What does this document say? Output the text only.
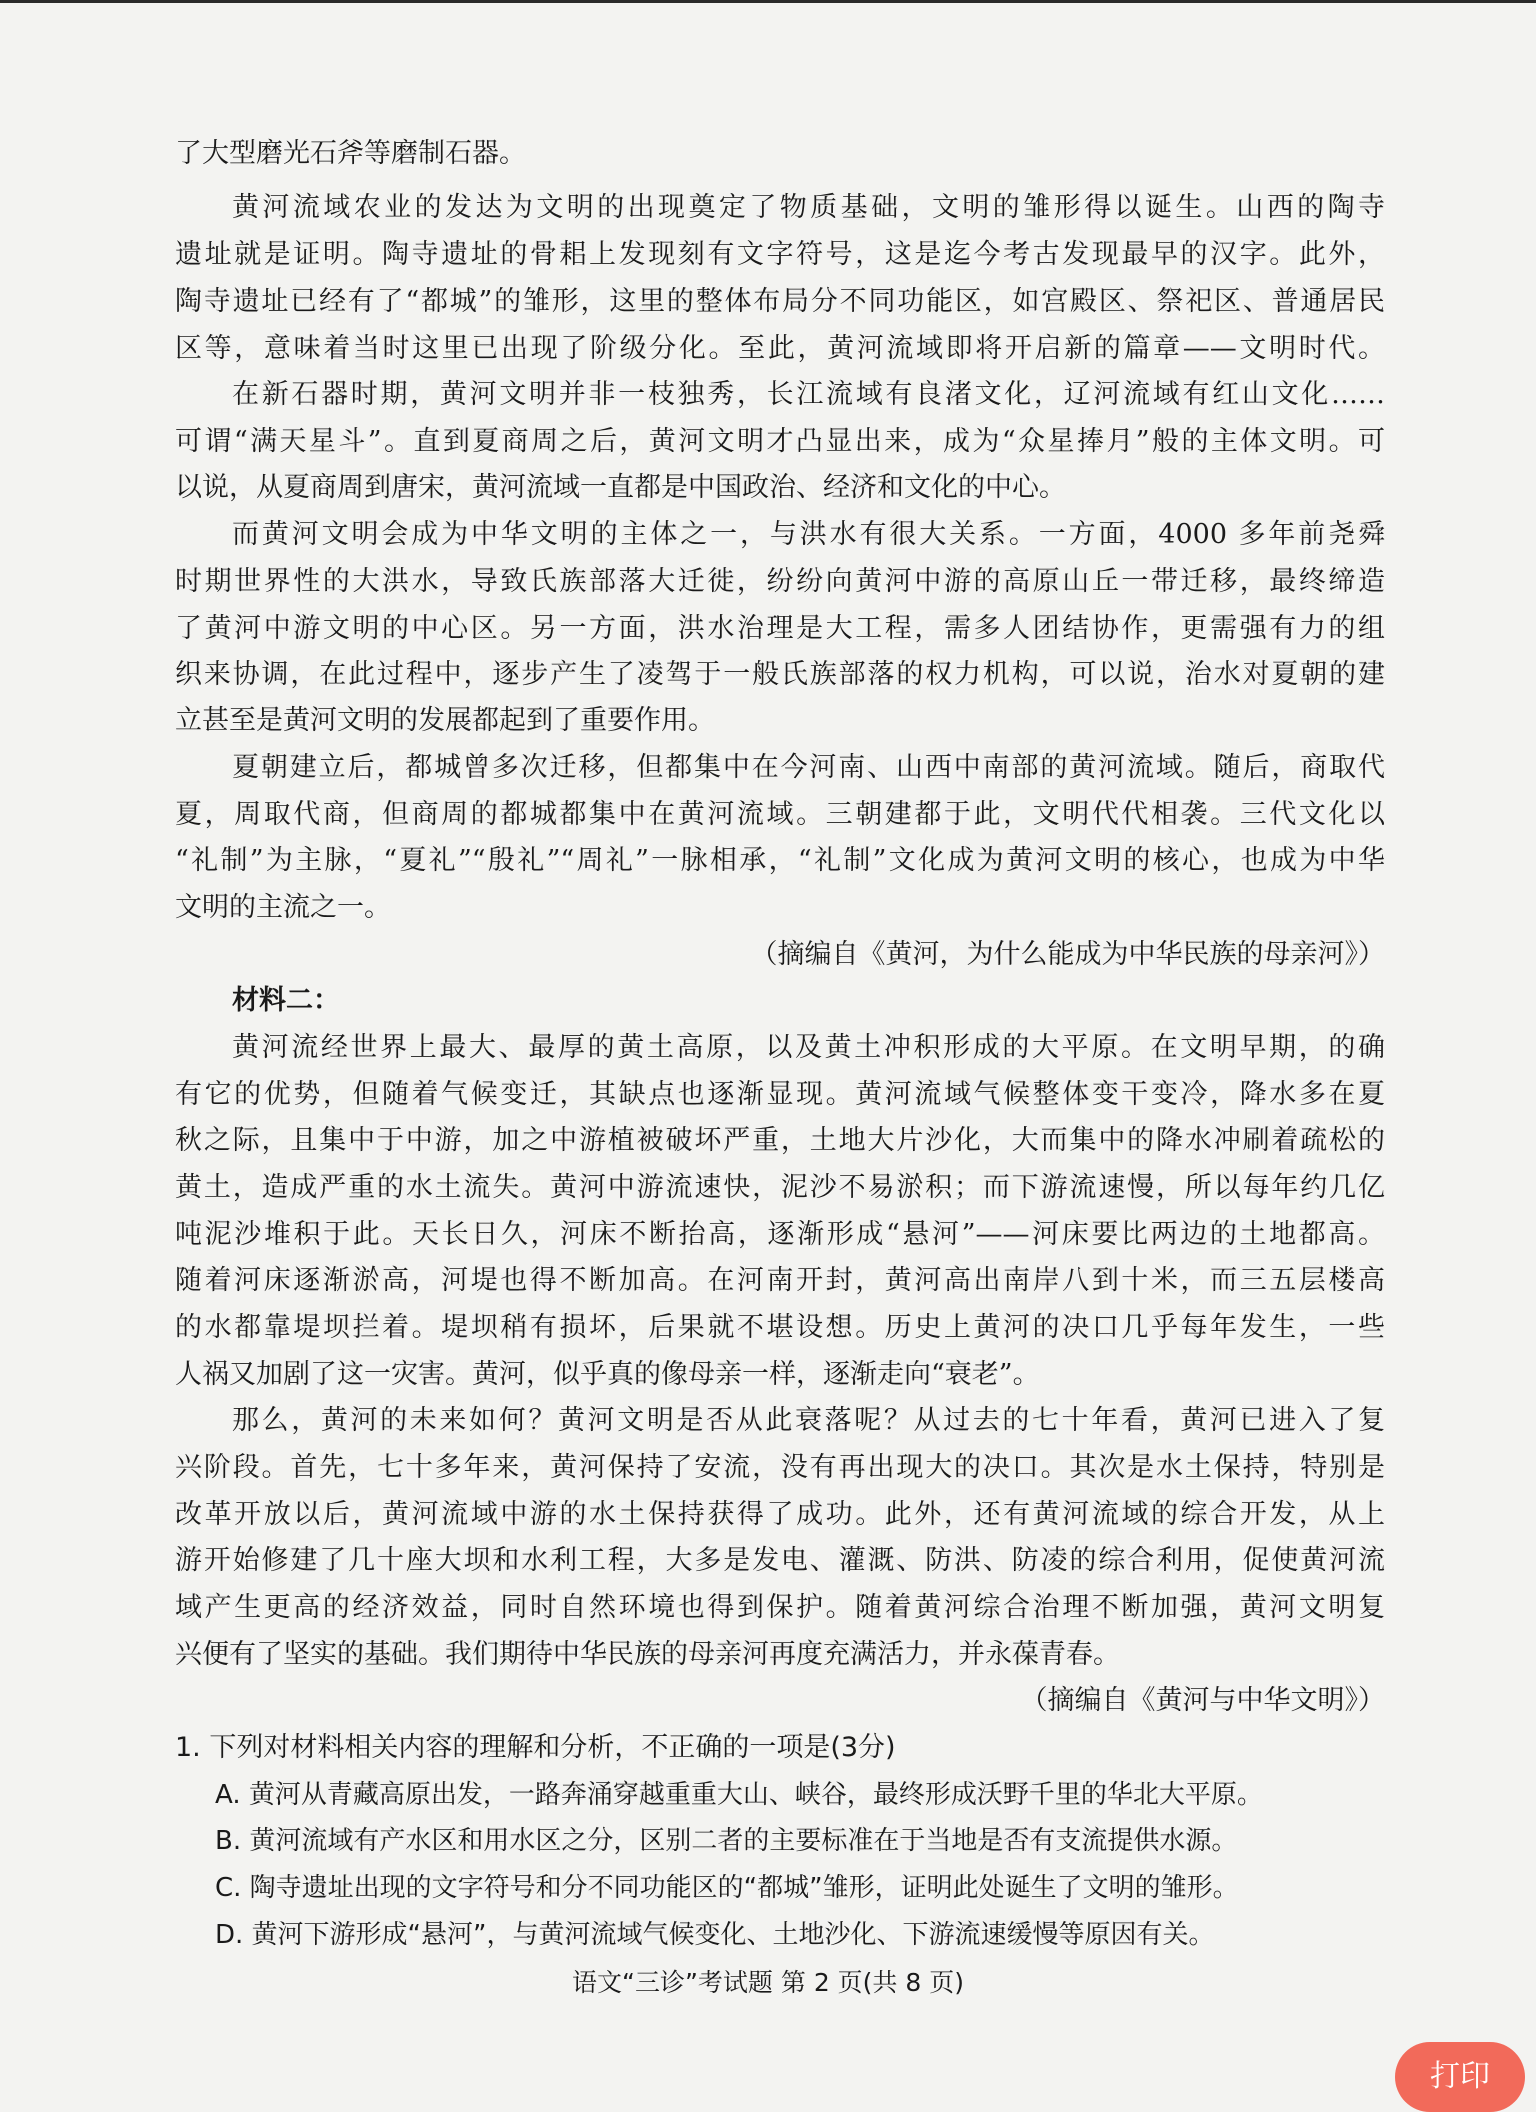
了大型磨光石斧等磨制石器。
黄河流域农业的发达为文明的出现奠定了物质基础，文明的雏形得以诞生。山西的陶寺
遗址就是证明。陶寺遗址的骨耜上发现刻有文字符号，这是迄今考古发现最早的汉字。此外，
陶寺遗址已经有了“都城”的雏形，这里的整体布局分不同功能区，如宫殿区、祭祀区、普通居民
区等，意味着当时这里已出现了阶级分化。至此，黄河流域即将开启新的篇章——文明时代。
在新石器时期，黄河文明并非一枝独秀，长江流域有良渚文化，辽河流域有红山文化……
可谓“满天星斗”。直到夏商周之后，黄河文明才凸显出来，成为“众星捧月”般的主体文明。可
以说，从夏商周到唐宋，黄河流域一直都是中国政治、经济和文化的中心。
而黄河文明会成为中华文明的主体之一，与洪水有很大关系。一方面，4000 多年前尧舜
时期世界性的大洪水，导致氏族部落大迁徙，纷纷向黄河中游的高原山丘一带迁移，最终缔造
了黄河中游文明的中心区。另一方面，洪水治理是大工程，需多人团结协作，更需强有力的组
织来协调，在此过程中，逐步产生了凌驾于一般氏族部落的权力机构，可以说，治水对夏朝的建
立甚至是黄河文明的发展都起到了重要作用。
夏朝建立后，都城曾多次迁移，但都集中在今河南、山西中南部的黄河流域。随后，商取代
夏，周取代商，但商周的都城都集中在黄河流域。三朝建都于此，文明代代相袭。三代文化以
“礼制”为主脉，“夏礼”“殷礼”“周礼”一脉相承，“礼制”文化成为黄河文明的核心，也成为中华
文明的主流之一。
（摘编自《黄河，为什么能成为中华民族的母亲河》）
材料二：
黄河流经世界上最大、最厚的黄土高原，以及黄土冲积形成的大平原。在文明早期，的确
有它的优势，但随着气候变迁，其缺点也逐渐显现。黄河流域气候整体变干变冷，降水多在夏
秋之际，且集中于中游，加之中游植被破坏严重，土地大片沙化，大而集中的降水冲刷着疏松的
黄土，造成严重的水土流失。黄河中游流速快，泥沙不易淤积；而下游流速慢，所以每年约几亿
吨泥沙堆积于此。天长日久，河床不断抬高，逐渐形成“悬河”——河床要比两边的土地都高。
随着河床逐渐淤高，河堤也得不断加高。在河南开封，黄河高出南岸八到十米，而三五层楼高
的水都靠堤坝拦着。堤坝稍有损坏，后果就不堪设想。历史上黄河的决口几乎每年发生，一些
人祸又加剧了这一灾害。黄河，似乎真的像母亲一样，逐渐走向“衰老”。
那么，黄河的未来如何？黄河文明是否从此衰落呢？从过去的七十年看，黄河已进入了复
兴阶段。首先，七十多年来，黄河保持了安流，没有再出现大的决口。其次是水土保持，特别是
改革开放以后，黄河流域中游的水土保持获得了成功。此外，还有黄河流域的综合开发，从上
游开始修建了几十座大坝和水利工程，大多是发电、灌溉、防洪、防凌的综合利用，促使黄河流
域产生更高的经济效益，同时自然环境也得到保护。随着黄河综合治理不断加强，黄河文明复
兴便有了坚实的基础。我们期待中华民族的母亲河再度充满活力，并永葆青春。
（摘编自《黄河与中华文明》）
1. 下列对材料相关内容的理解和分析，不正确的一项是(3分)
A. 黄河从青藏高原出发，一路奔涌穿越重重大山、峡谷，最终形成沃野千里的华北大平原。
B. 黄河流域有产水区和用水区之分，区别二者的主要标准在于当地是否有支流提供水源。
C. 陶寺遗址出现的文字符号和分不同功能区的“都城”雏形，证明此处诞生了文明的雏形。
D. 黄河下游形成“悬河”，与黄河流域气候变化、土地沙化、下游流速缓慢等原因有关。
语文“三诊”考试题 第 2 页(共 8 页)
打印
